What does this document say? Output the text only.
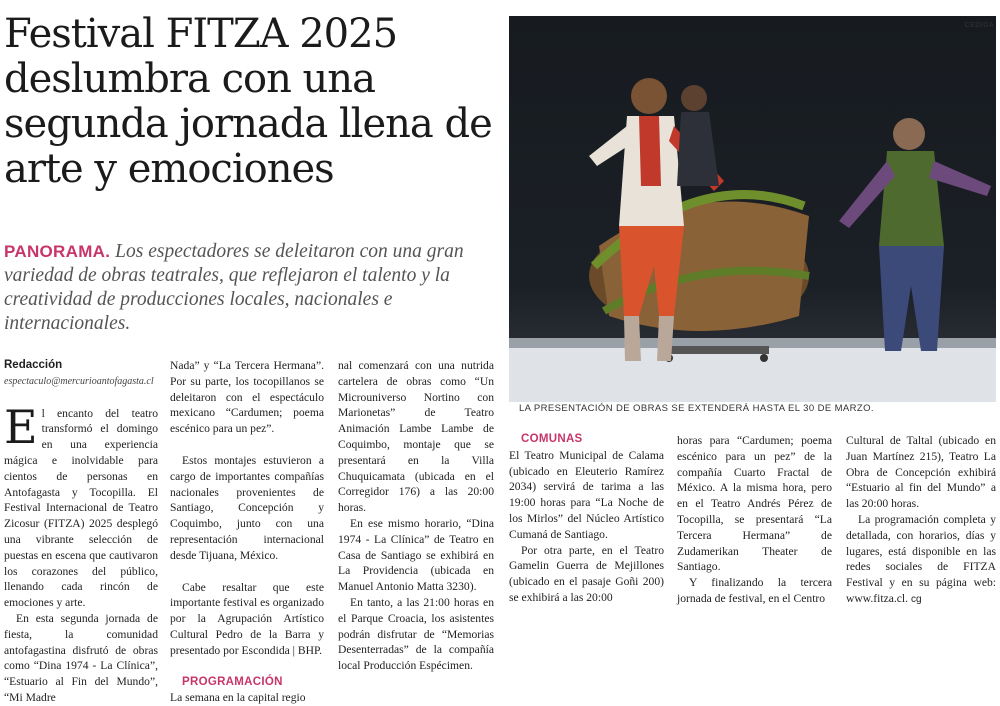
Festival FITZA 2025 deslumbra con una segunda jornada llena de arte y emociones
PANORAMA. Los espectadores se deleitaron con una gran variedad de obras teatrales, que reflejaron el talento y la creatividad de producciones locales, nacionales e internacionales.
CEDIDA
LA PRESENTACIÓN DE OBRAS SE EXTENDERÁ HASTA EL 30 DE MARZO.
Redacción
espectaculo@mercurioantofagasta.cl

El encanto del teatro transformó el domingo en una experiencia mágica e inolvidable para cientos de personas en Antofagasta y Tocopilla. El Festival Internacional de Teatro Zicosur (FITZA) 2025 desplegó una vibrante selección de puestas en escena que cautivaron los corazones del público, llenando cada rincón de emociones y arte.

En esta segunda jornada de fiesta, la comunidad antofagastina disfrutó de obras como “Dina 1974 - La Clínica”, “Estuario al Fin del Mundo”, “Mi Madre

Nada” y “La Tercera Hermana”. Por su parte, los tocopillanos se deleitaron con el espectáculo mexicano “Cardumen; poema escénico para un pez”.

Estos montajes estuvieron a cargo de importantes compañías nacionales provenientes de Santiago, Concepción y Coquimbo, junto con una representación internacional desde Tijuana, México.

Cabe resaltar que este importante festival es organizado por la Agrupación Artístico Cultural Pedro de la Barra y presentado por Escondida | BHP.

PROGRAMACIÓN

La semana en la capital regio

nal comenzará con una nutrida cartelera de obras como “Un Microuniverso Nortino con Marionetas” de Teatro Animación Lambe Lambe de Coquimbo, montaje que se presentará en la Villa Chuquicamata (ubicada en el Corregidor 176) a las 20:00 horas.

En ese mismo horario, “Dina 1974 - La Clínica” de Teatro en Casa de Santiago se exhibirá en La Providencia (ubicada en Manuel Antonio Matta 3230).

En tanto, a las 21:00 horas en el Parque Croacia, los asistentes podrán disfrutar de “Memorias Desenterradas” de la compañía local Producción Espécimen.

COMUNAS

El Teatro Municipal de Calama (ubicado en Eleuterio Ramírez 2034) servirá de tarima a las 19:00 horas para “La Noche de los Mirlos” del Núcleo Artístico Cumaná de Santiago.

Por otra parte, en el Teatro Gamelin Guerra de Mejillones (ubicado en el pasaje Goñi 200) se exhibirá a las 20:00

horas para “Cardumen; poema escénico para un pez” de la compañía Cuarto Fractal de México. A la misma hora, pero en el Teatro Andrés Pérez de Tocopilla, se presentará “La Tercera Hermana” de Zudamerikan Theater de Santiago.

Y finalizando la tercera jornada de festival, en el Centro

Cultural de Taltal (ubicado en Juan Martínez 215), Teatro La Obra de Concepción exhibirá “Estuario al fin del Mundo” a las 20:00 horas.

La programación completa y detallada, con horarios, días y lugares, está disponible en las redes sociales de FITZA Festival y en su página web: www.fitza.cl. cg
